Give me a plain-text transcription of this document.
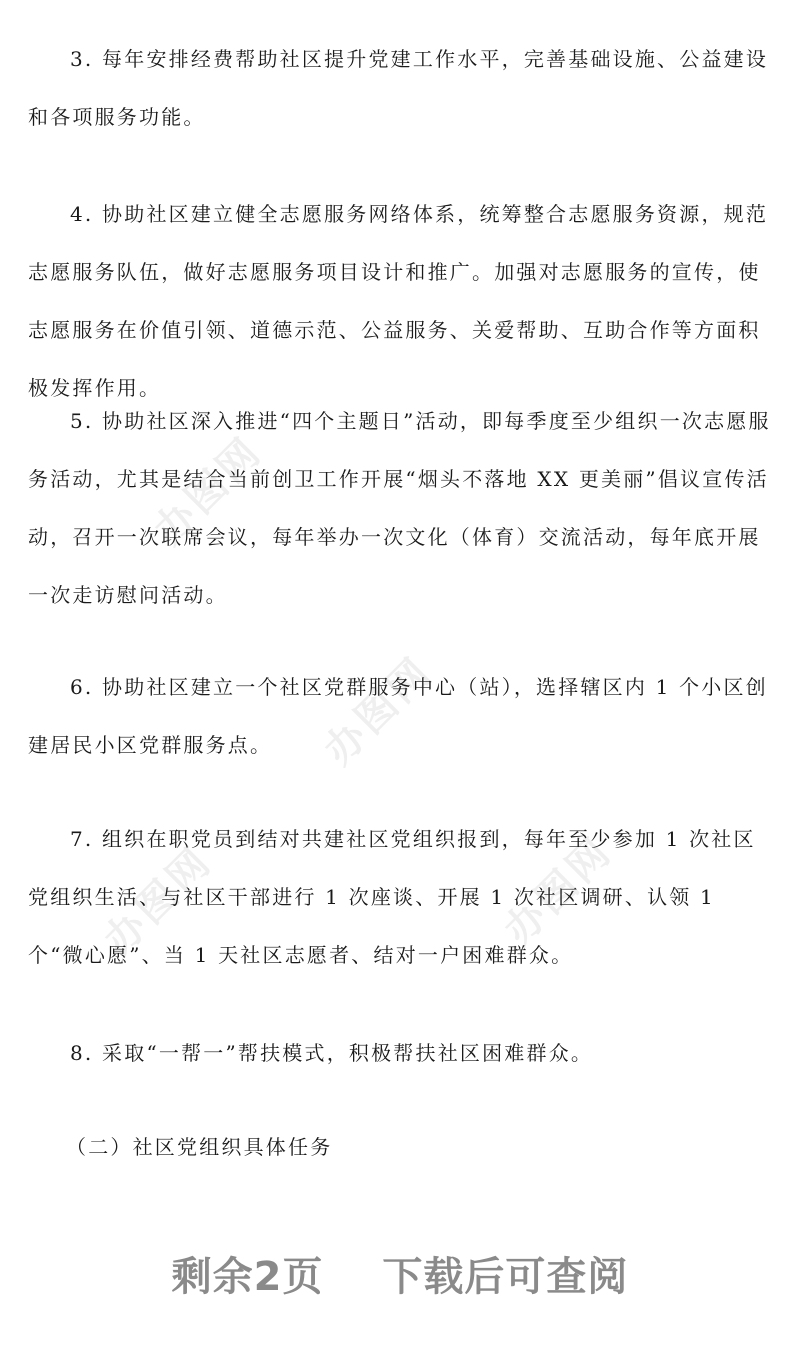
办图网
办图网
办图网
办图网

3. 每年安排经费帮助社区提升党建工作水平，完善基础设施、公益建设和各项服务功能。

4. 协助社区建立健全志愿服务网络体系，统筹整合志愿服务资源，规范志愿服务队伍，做好志愿服务项目设计和推广。加强对志愿服务的宣传，使志愿服务在价值引领、道德示范、公益服务、关爱帮助、互助合作等方面积极发挥作用。

5. 协助社区深入推进“四个主题日”活动，即每季度至少组织一次志愿服务活动，尤其是结合当前创卫工作开展“烟头不落地 XX 更美丽”倡议宣传活动，召开一次联席会议，每年举办一次文化（体育）交流活动，每年底开展一次走访慰问活动。

6. 协助社区建立一个社区党群服务中心（站），选择辖区内 1 个小区创建居民小区党群服务点。

7. 组织在职党员到结对共建社区党组织报到，每年至少参加 1 次社区党组织生活、与社区干部进行 1 次座谈、开展 1 次社区调研、认领 1 个“微心愿”、当 1 天社区志愿者、结对一户困难群众。

8. 采取“一帮一”帮扶模式，积极帮扶社区困难群众。

（二）社区党组织具体任务

剩余2页 下载后可查阅
